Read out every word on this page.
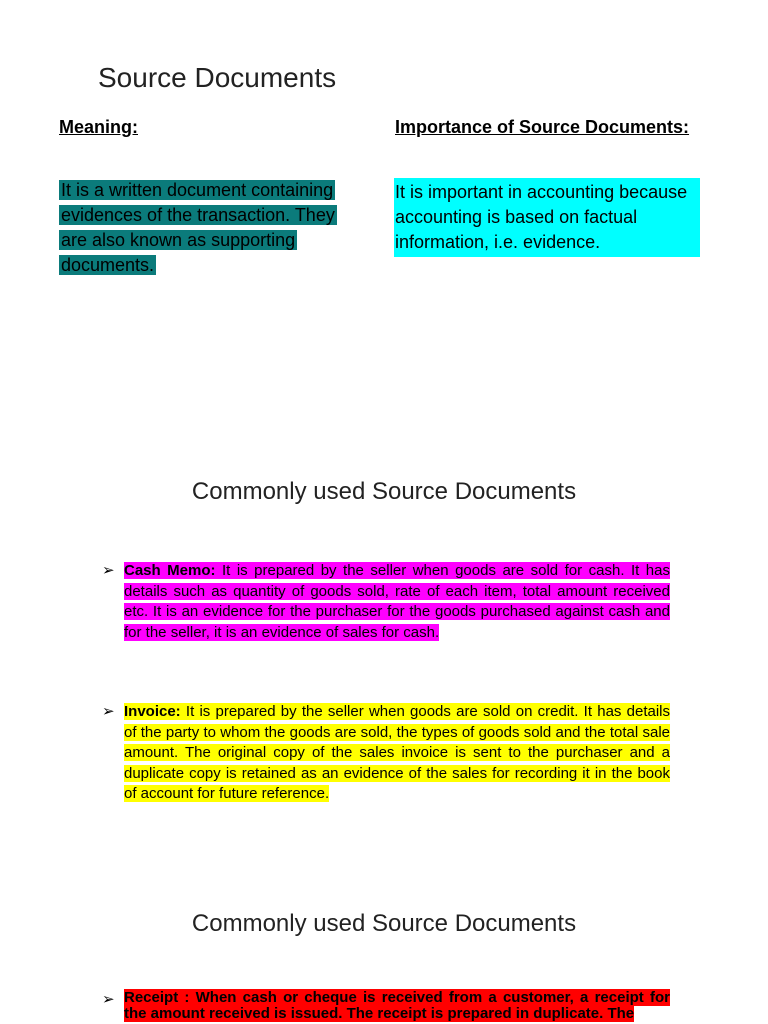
Source Documents
Meaning:	Importance of Source Documents:
It is a written document containing evidences of the transaction. They are also known as supporting documents.
It is important in accounting because accounting is based on factual information, i.e. evidence.
Commonly used Source Documents
➢ Cash Memo: It is prepared by the seller when goods are sold for cash. It has details such as quantity of goods sold, rate of each item, total amount received etc. It is an evidence for the purchaser for the goods purchased against cash and for the seller, it is an evidence of sales for cash.
➢ Invoice: It is prepared by the seller when goods are sold on credit. It has details of the party to whom the goods are sold, the types of goods sold and the total sale amount. The original copy of the sales invoice is sent to the purchaser and a duplicate copy is retained as an evidence of the sales for recording it in the book of account for future reference.
Commonly used Source Documents
➢ Receipt : When cash or cheque is received from a customer, a receipt for the amount received is issued. The receipt is prepared in duplicate. The
